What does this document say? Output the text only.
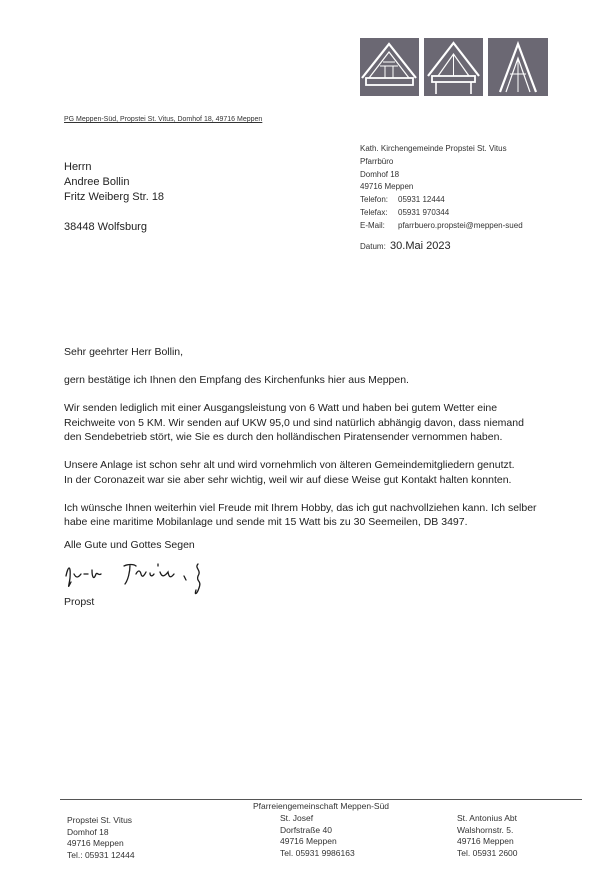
PG Meppen-Süd, Propstei St. Vitus, Domhof 18, 49716 Meppen
Herrn
Andree Bollin
Fritz Weiberg Str. 18
38448 Wolfsburg
Kath. Kirchengemeinde Propstei St. Vitus
Pfarrbüro
Domhof 18
49716 Meppen
Telefon:	05931 12444
Telefax:	05931 970344
E-Mail:	pfarrbuero.propstei@meppen-sued
Datum: 30.Mai 2023

Sehr geehrter Herr Bollin,

gern bestätige ich Ihnen den Empfang des Kirchenfunks hier aus Meppen.

Wir senden lediglich mit einer Ausgangsleistung von 6 Watt und haben bei gutem Wetter eine
Reichweite von 5 KM. Wir senden auf UKW 95,0 und sind natürlich abhängig davon, dass niemand
den Sendebetrieb stört, wie Sie es durch den holländischen Piratensender vernommen haben.

Unsere Anlage ist schon sehr alt und wird vornehmlich von älteren Gemeindemitgliedern genutzt.
In der Coronazeit war sie aber sehr wichtig, weil wir auf diese Weise gut Kontakt halten konnten.

Ich wünsche Ihnen weiterhin viel Freude mit Ihrem Hobby, das ich gut nachvollziehen kann. Ich selber
habe eine maritime Mobilanlage und sende mit 15 Watt bis zu 30 Seemeilen, DB 3497.

Alle Gute und Gottes Segen

Propst
Pfarreiengemeinschaft Meppen-Süd
Propstei St. Vitus
Domhof 18
49716 Meppen
Tel.: 05931 12444
St. Josef
Dorfstraße 40
49716 Meppen
Tel. 05931 9986163
St. Antonius Abt
Walshornstr. 5.
49716 Meppen
Tel. 05931 2600
